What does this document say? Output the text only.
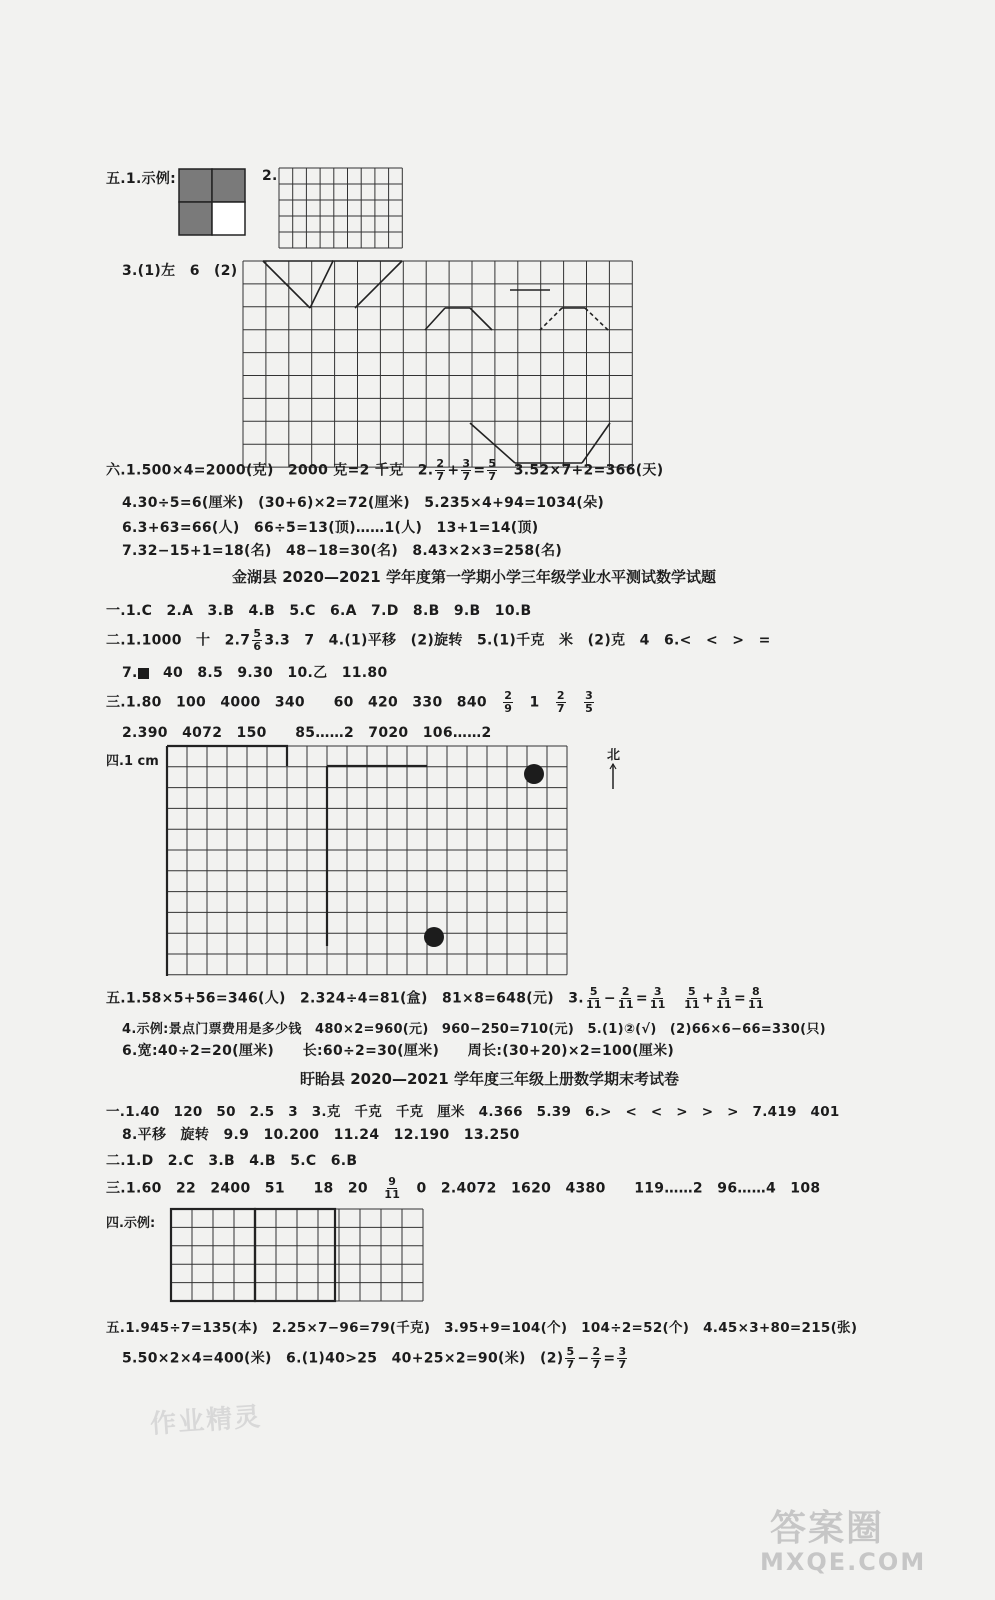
五.1.示例:	2.
3.(1)左　6　(2)
六.1.500×4=2000(克)　2000 克=2 千克　2. $\frac{2}{7} + \frac{3}{7} = \frac{5}{7}$ 　3.52×7+2=366(天)
4.30÷5=6(厘米)　(30+6)×2=72(厘米)　5.235×4+94=1034(朵)
6.3+63=66(人)　66÷5=13(顶)……1(人)　13+1=14(顶)
7.32−15+1=18(名)　48−18=30(名)　8.43×2×3=258(名)
金湖县 2020—2021 学年度第一学期小学三年级学业水平测试数学试题
一.1.C　2.A　3.B　4.B　5.C　6.A　7.D　8.B　9.B　10.B
二.1.1000　十　$2.7 \frac{5}{6} 3.3$　7　4.(1)平移　(2)旋转　5.(1)千克　米　(2)克　4　6.<　<　>　=
7.　40　8.5　9.30　10.乙　11.80
三.1.80　100　4000　340　　60　420　330　840　 $\frac{2}{9}$
　 1　 $\frac{2}{7}$
　 $\frac{3}{5}$
2.390　4072　150　　85……2　7020　106……2
四.1 cm	北
五.1.58×5+56=346(人)　2.324÷4=81(盒)　81×8=648(元)　3. $\frac{5}{11} - \frac{2}{11} = \frac{3}{11}$
　 $\frac{5}{11} + \frac{3}{11} = \frac{8}{11}$
4.示例:景点门票费用是多少钱　480×2=960(元)　960−250=710(元)　5.(1)②(√)　(2)66×6−66=330(只)
6.宽:40÷2=20(厘米)　　长:60÷2=30(厘米)　　周长:(30+20)×2=100(厘米)
盱眙县 2020—2021 学年度三年级上册数学期末考试卷
一.1.40　120　50　2.5　3　3.克　千克　千克　厘米　4.366　5.39　6.>　<　<　>　>　>　7.419　401
8.平移　旋转　9.9　10.200　11.24　12.190　13.250
二.1.D　2.C　3.B　4.B　5.C　6.B
三.1.60　22　2400　51　　18　20　 $\frac{9}{11}$
　 0　2.4072　1620　4380　　119……2　96……4　108
四.示例:
五.1.945÷7=135(本)　2.25×7−96=79(千克)　3.95+9=104(个)　104÷2=52(个)　4.45×3+80=215(张)
5.50×2×4=400(米)　6.(1)40>25　40+25×2=90(米)　$(2) \frac{5}{7} - \frac{2}{7} = \frac{3}{7}$
作业精灵
答案圈
MXQE.COM
